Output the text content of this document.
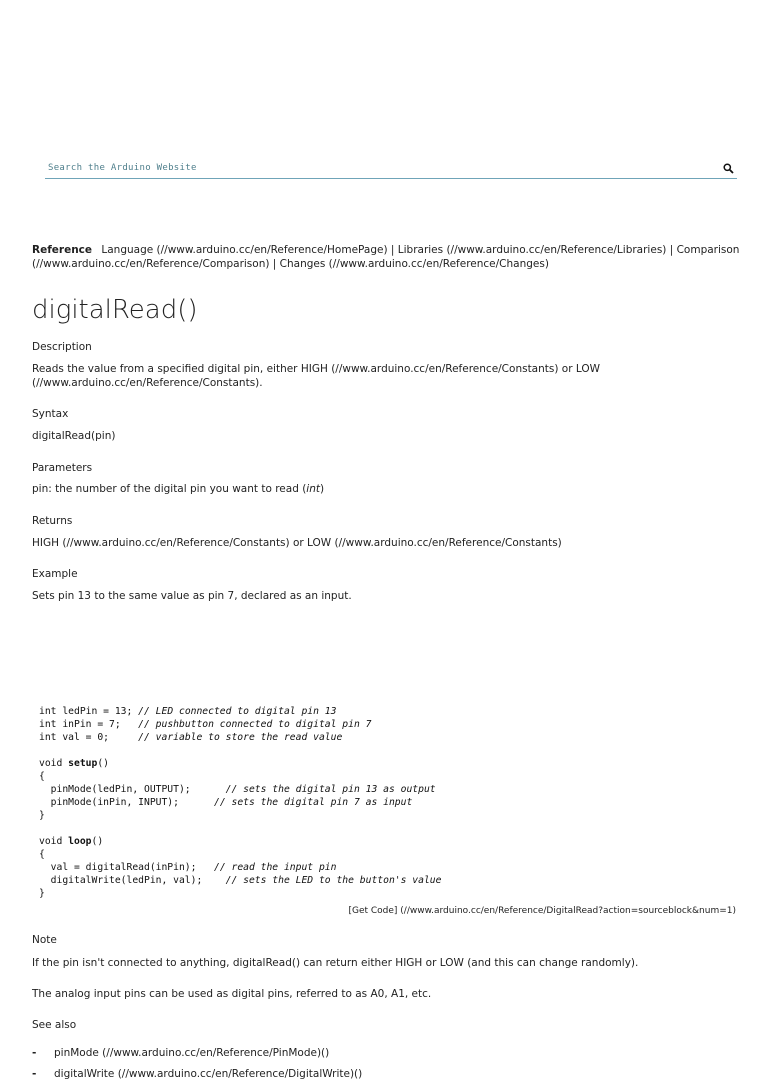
Search the Arduino Website
Reference Language (//www.arduino.cc/en/Reference/HomePage) | Libraries (//www.arduino.cc/en/Reference/Libraries) | Comparison (//www.arduino.cc/en/Reference/Comparison) | Changes (//www.arduino.cc/en/Reference/Changes)
digitalRead()

Description

Reads the value from a specified digital pin, either HIGH (//www.arduino.cc/en/Reference/Constants) or LOW (//www.arduino.cc/en/Reference/Constants).

Syntax

digitalRead(pin)

Parameters

pin: the number of the digital pin you want to read (int)

Returns

HIGH (//www.arduino.cc/en/Reference/Constants) or LOW (//www.arduino.cc/en/Reference/Constants)

Example

Sets pin 13 to the same value as pin 7, declared as an input.

int ledPin = 13; // LED connected to digital pin 13
int inPin = 7;   // pushbutton connected to digital pin 7
int val = 0;     // variable to store the read value

void setup()
{
pinMode(ledPin, OUTPUT);      // sets the digital pin 13 as output
pinMode(inPin, INPUT);      // sets the digital pin 7 as input
}

void loop()
{
val = digitalRead(inPin);   // read the input pin
digitalWrite(ledPin, val);    // sets the LED to the button's value
}
[Get Code] (//www.arduino.cc/en/Reference/DigitalRead?action=sourceblock&num=1)

Note

If the pin isn't connected to anything, digitalRead() can return either HIGH or LOW (and this can change randomly).

The analog input pins can be used as digital pins, referred to as A0, A1, etc.

See also

-	pinMode (//www.arduino.cc/en/Reference/PinMode)()
-	digitalWrite (//www.arduino.cc/en/Reference/DigitalWrite)()
